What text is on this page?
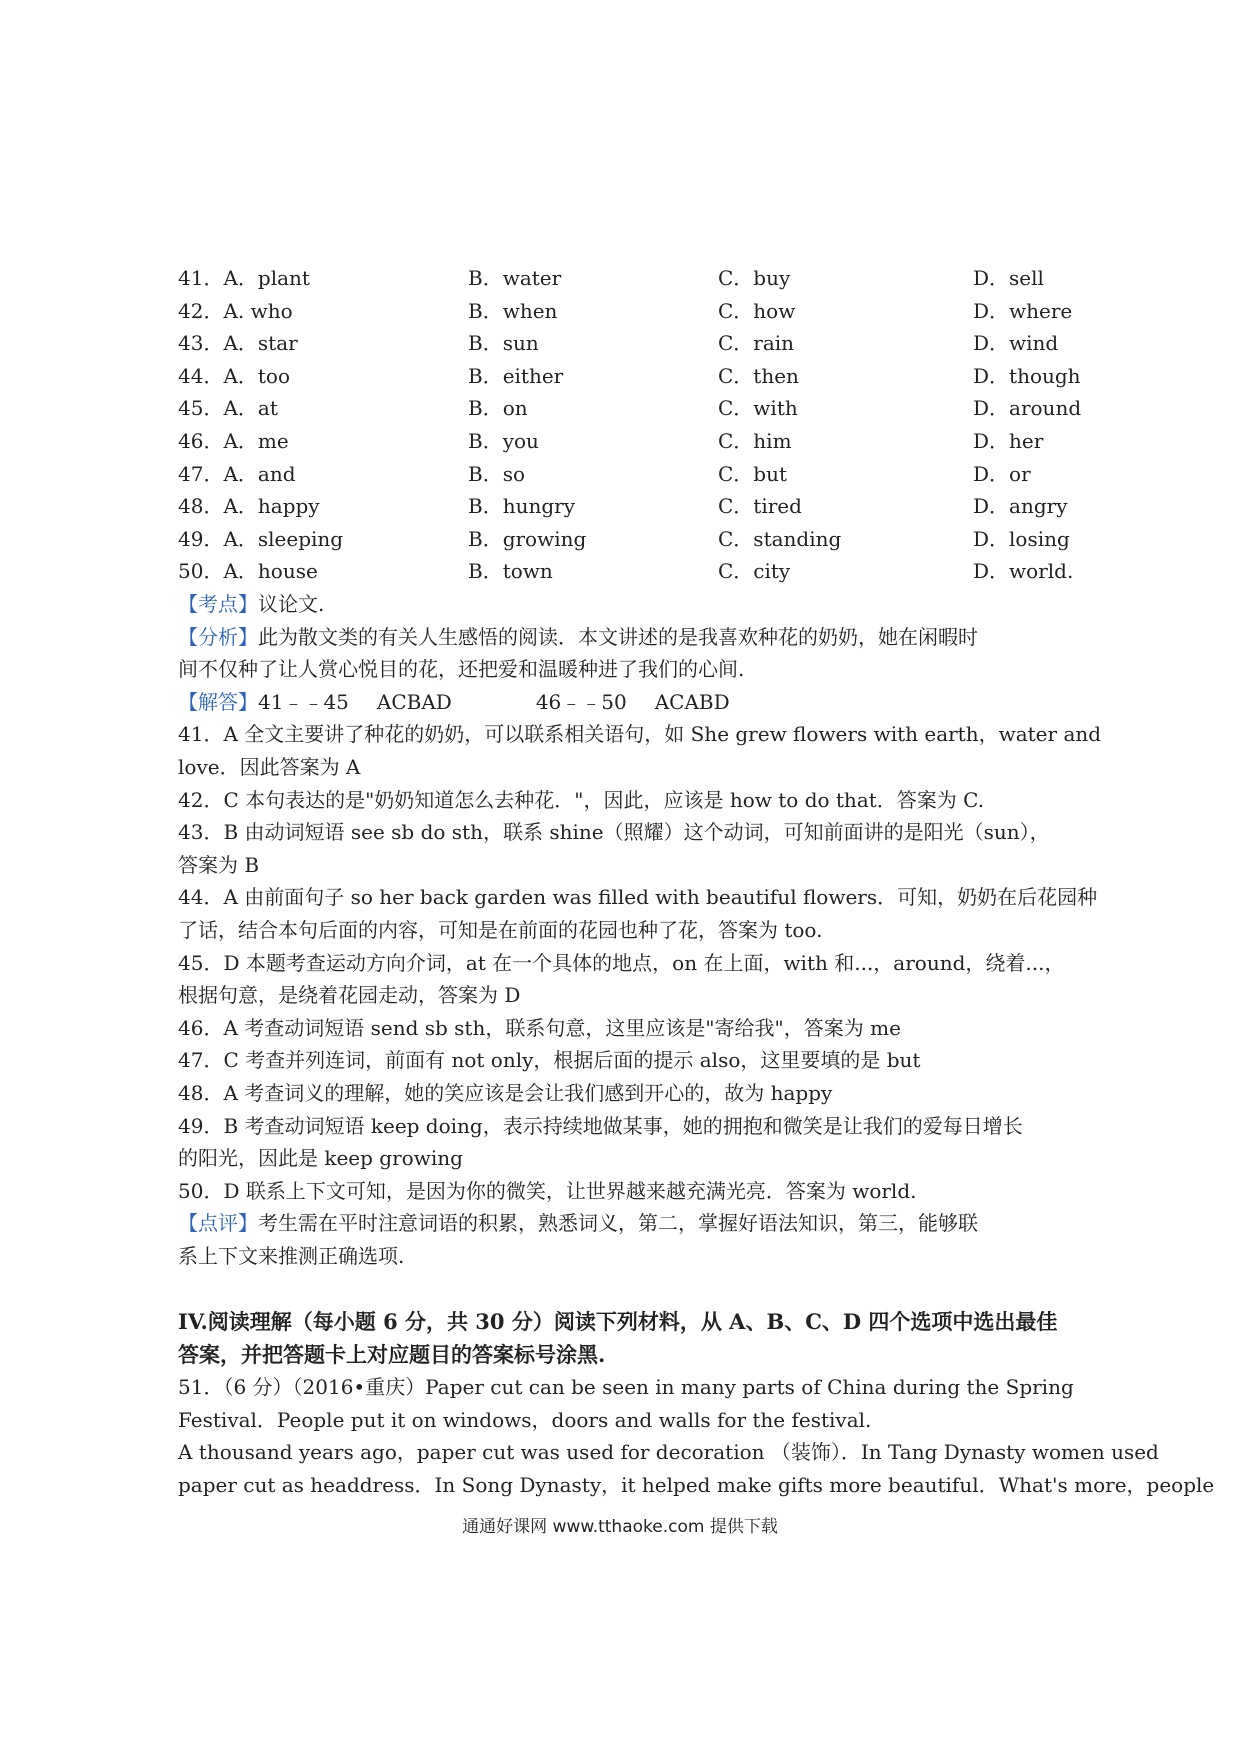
41．A．plant	B．water	C．buy	D．sell
42．A. who	B．when	C．how	D．where
43．A．star	B．sun	C．rain	D．wind
44．A．too	B．either	C．then	D．though
45．A．at	B．on	C．with	D．around
46．A．me	B．you	C．him	D．her
47．A．and	B．so	C．but	D．or
48．A．happy	B．hungry	C．tired	D．angry
49．A．sleeping	B．growing	C．standing	D．losing
50．A．house	B．town	C．city	D．world.
【考点】议论文.
【分析】此为散文类的有关人生感悟的阅读．本文讲述的是我喜欢种花的奶奶，她在闲暇时
间不仅种了让人赏心悦目的花，还把爱和温暖种进了我们的心间.
【解答】41﹣﹣45 ACBAD	46﹣﹣50 ACABD
41．A 全文主要讲了种花的奶奶，可以联系相关语句，如 She grew flowers with earth，water and
love．因此答案为 A
42．C 本句表达的是"奶奶知道怎么去种花．"，因此，应该是 how to do that．答案为 C.
43．B 由动词短语 see sb do sth，联系 shine（照耀）这个动词，可知前面讲的是阳光（sun），
答案为 B
44．A 由前面句子 so her back garden was filled with beautiful flowers．可知，奶奶在后花园种
了话，结合本句后面的内容，可知是在前面的花园也种了花，答案为 too.
45．D 本题考查运动方向介词，at 在一个具体的地点，on 在上面，with 和...，around，绕着...，
根据句意，是绕着花园走动，答案为 D
46．A 考查动词短语 send sb sth，联系句意，这里应该是"寄给我"，答案为 me
47．C 考查并列连词，前面有 not only，根据后面的提示 also，这里要填的是 but
48．A 考查词义的理解，她的笑应该是会让我们感到开心的，故为 happy
49．B 考查动词短语 keep doing，表示持续地做某事，她的拥抱和微笑是让我们的爱每日增长
的阳光，因此是 keep growing
50．D 联系上下文可知，是因为你的微笑，让世界越来越充满光亮．答案为 world.
【点评】考生需在平时注意词语的积累，熟悉词义，第二，掌握好语法知识，第三，能够联
系上下文来推测正确选项.
IV.阅读理解（每小题 6 分，共 30 分）阅读下列材料，从 A、B、C、D 四个选项中选出最佳
答案，并把答题卡上对应题目的答案标号涂黑.
51．（6 分）（2016•重庆）Paper cut can be seen in many parts of China during the Spring
Festival．People put it on windows，doors and walls for the festival.
A thousand years ago，paper cut was used for decoration （装饰）．In Tang Dynasty women used
paper cut as headdress．In Song Dynasty，it helped make gifts more beautiful．What's more，people
通通好课网 www.tthaoke.com 提供下载
